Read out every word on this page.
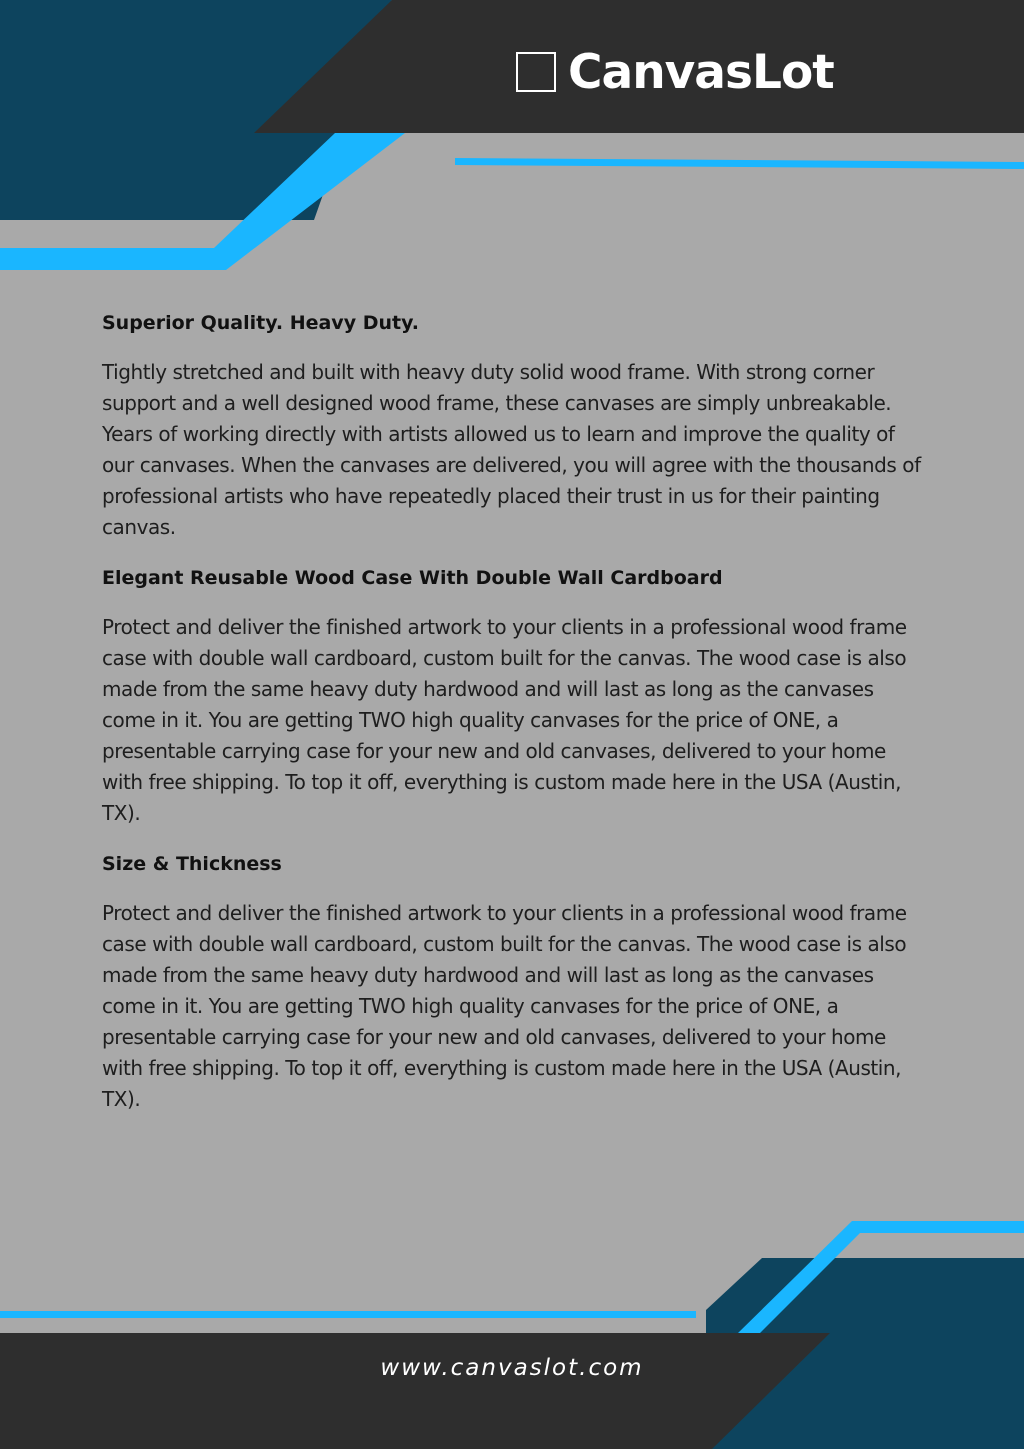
CanvasLot
Superior Quality. Heavy Duty.

Tightly stretched and built with heavy duty solid wood frame. With strong corner support and a well designed wood frame, these canvases are simply unbreakable. Years of working directly with artists allowed us to learn and improve the quality of our canvases. When the canvases are delivered, you will agree with the thousands of professional artists who have repeatedly placed their trust in us for their painting canvas.

Elegant Reusable Wood Case With Double Wall Cardboard

Protect and deliver the finished artwork to your clients in a professional wood frame case with double wall cardboard, custom built for the canvas. The wood case is also made from the same heavy duty hardwood and will last as long as the canvases come in it. You are getting TWO high quality canvases for the price of ONE, a presentable carrying case for your new and old canvases, delivered to your home with free shipping. To top it off, everything is custom made here in the USA (Austin, TX).

Size & Thickness

Protect and deliver the finished artwork to your clients in a professional wood frame case with double wall cardboard, custom built for the canvas. The wood case is also made from the same heavy duty hardwood and will last as long as the canvases come in it. You are getting TWO high quality canvases for the price of ONE, a presentable carrying case for your new and old canvases, delivered to your home with free shipping. To top it off, everything is custom made here in the USA (Austin, TX).

www.canvaslot.com
